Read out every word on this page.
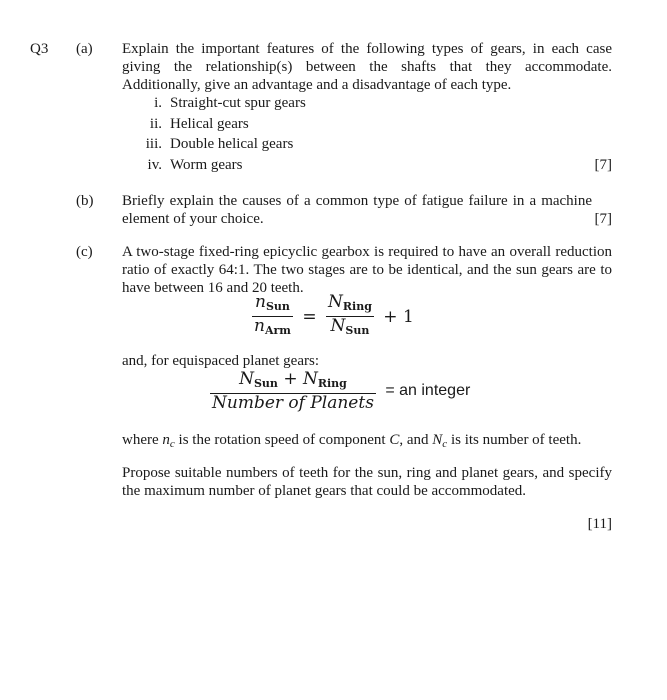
Q3 (a) Explain the important features of the following types of gears, in each case giving the relationship(s) between the shafts that they accommodate. Additionally, give an advantage and a disadvantage of each type.
i. Straight-cut spur gears
ii. Helical gears
iii. Double helical gears
iv. Worm gears	[7]
(b) Briefly explain the causes of a common type of fatigue failure in a machine element of your choice.	[7]
(c) A two-stage fixed-ring epicyclic gearbox is required to have an overall reduction ratio of exactly 64:1. The two stages are to be identical, and the sun gears are to have between 16 and 20 teeth.
$\frac{n_{Sun}}{n_{Arm}} = \frac{N_{Ring}}{N_{Sun}} + 1$
and, for equispaced planet gears:
$\frac{N_{Sun} + N_{Ring}}{\text{Number of Planets}}$ = an integer
where $n_c$ is the rotation speed of component C, and $N_c$ is its number of teeth.
Propose suitable numbers of teeth for the sun, ring and planet gears, and specify the maximum number of planet gears that could be accommodated.
[11]
